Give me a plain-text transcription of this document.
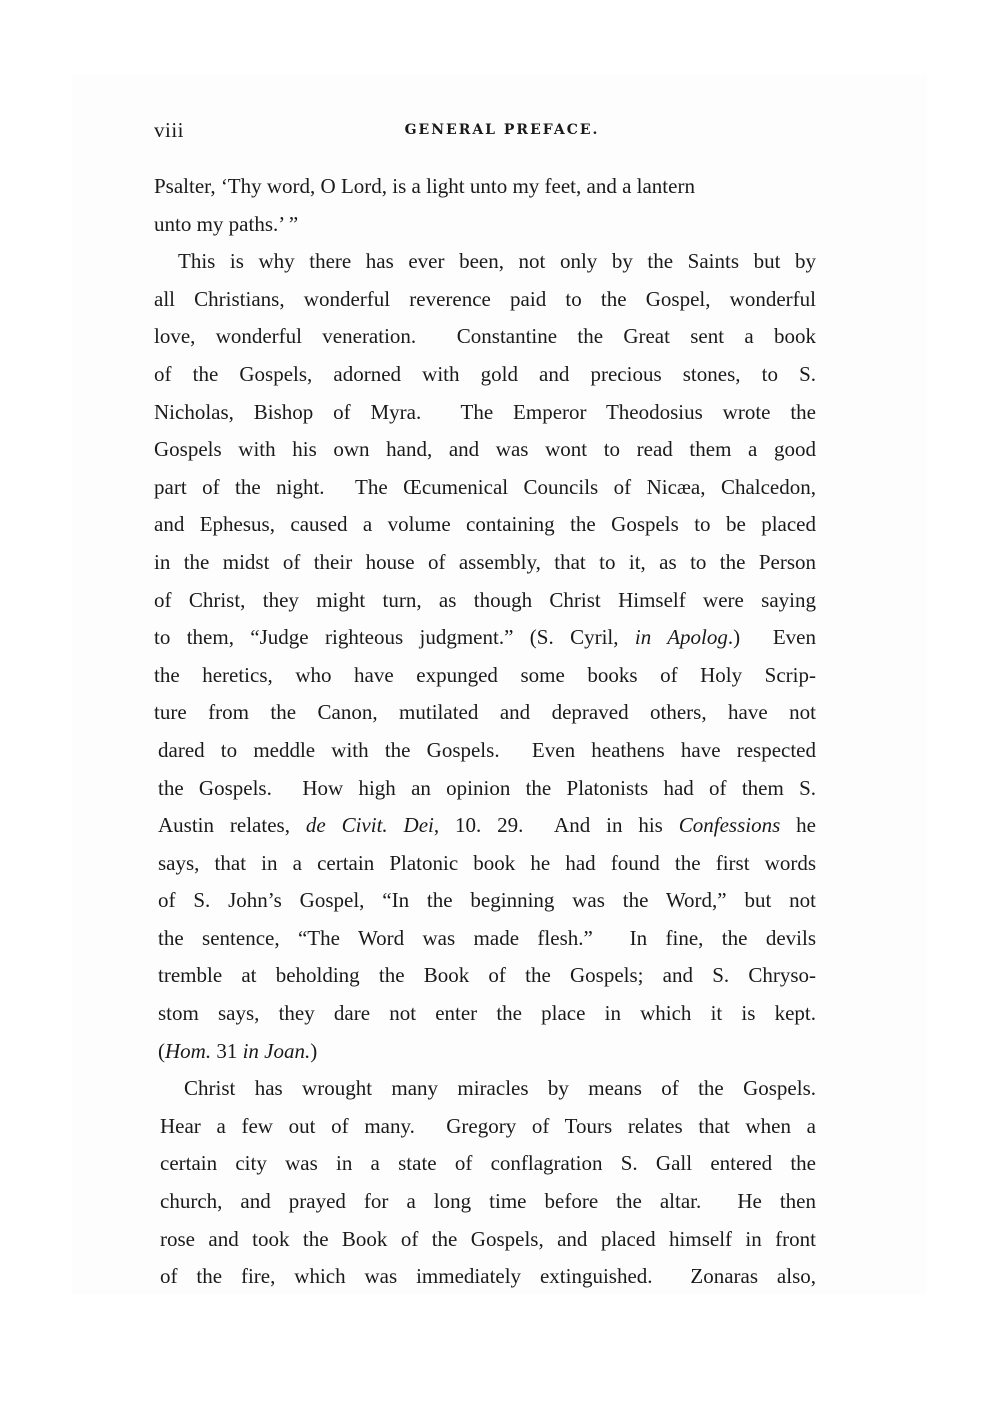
viii	GENERAL PREFACE.
Psalter, ‘Thy word, O Lord, is a light unto my feet, and a lantern
unto my paths.’ ”
This is why there has ever been, not only by the Saints but by
all Christians, wonderful reverence paid to the Gospel, wonderful
love, wonderful veneration.  Constantine the Great sent a book
of the Gospels, adorned with gold and precious stones, to S.
Nicholas, Bishop of Myra.  The Emperor Theodosius wrote the
Gospels with his own hand, and was wont to read them a good
part of the night.  The Œcumenical Councils of Nicæa, Chalcedon,
and Ephesus, caused a volume containing the Gospels to be placed
in the midst of their house of assembly, that to it, as to the Person
of Christ, they might turn, as though Christ Himself were saying
to them, “Judge righteous judgment.” (S. Cyril, in Apolog.)  Even
the heretics, who have expunged some books of Holy Scrip-
ture from the Canon, mutilated and depraved others, have not
dared to meddle with the Gospels.  Even heathens have respected
the Gospels.  How high an opinion the Platonists had of them S.
Austin relates, de Civit. Dei, 10. 29.  And in his Confessions he
says, that in a certain Platonic book he had found the first words
of S. John’s Gospel, “In the beginning was the Word,” but not
the sentence, “The Word was made flesh.”  In fine, the devils
tremble at beholding the Book of the Gospels; and S. Chryso-
stom says, they dare not enter the place in which it is kept.
(Hom. 31 in Joan.)
Christ has wrought many miracles by means of the Gospels.
Hear a few out of many.  Gregory of Tours relates that when a
certain city was in a state of conflagration S. Gall entered the
church, and prayed for a long time before the altar.  He then
rose and took the Book of the Gospels, and placed himself in front
of the fire, which was immediately extinguished.  Zonaras also,
